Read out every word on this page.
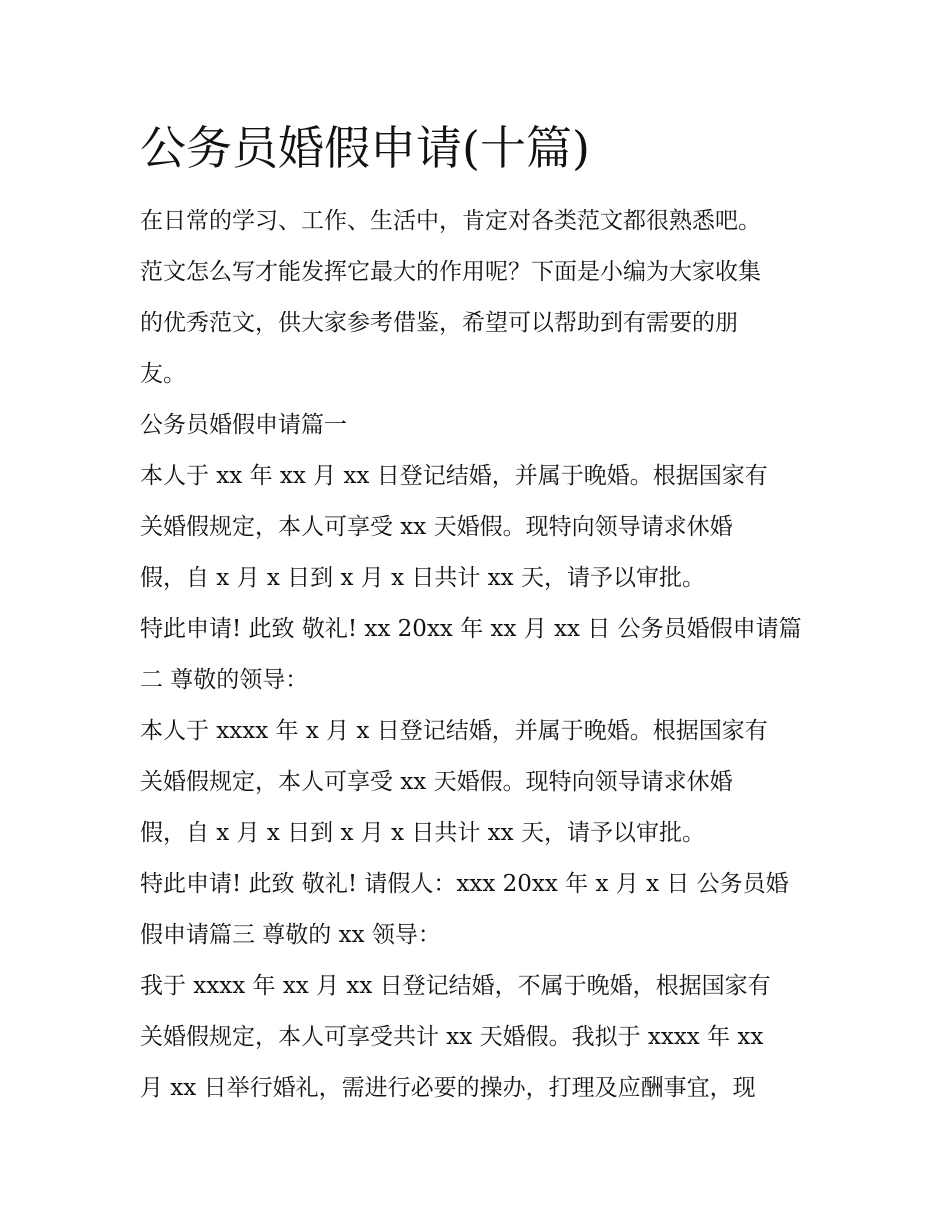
公务员婚假申请(十篇)
在日常的学习、工作、生活中，肯定对各类范文都很熟悉吧。
范文怎么写才能发挥它最大的作用呢？下面是小编为大家收集
的优秀范文，供大家参考借鉴，希望可以帮助到有需要的朋
友。
公务员婚假申请篇一
本人于 xx 年 xx 月 xx 日登记结婚，并属于晚婚。根据国家有
关婚假规定，本人可享受 xx 天婚假。现特向领导请求休婚
假，自 x 月 x 日到 x 月 x 日共计 xx 天，请予以审批。
特此申请! 此致 敬礼! xx 20xx 年 xx 月 xx 日 公务员婚假申请篇
二 尊敬的领导：
本人于 xxxx 年 x 月 x 日登记结婚，并属于晚婚。根据国家有
关婚假规定，本人可享受 xx 天婚假。现特向领导请求休婚
假，自 x 月 x 日到 x 月 x 日共计 xx 天，请予以审批。
特此申请! 此致 敬礼! 请假人：xxx 20xx 年 x 月 x 日 公务员婚
假申请篇三 尊敬的 xx 领导：
我于 xxxx 年 xx 月 xx 日登记结婚，不属于晚婚，根据国家有
关婚假规定，本人可享受共计 xx 天婚假。我拟于 xxxx 年 xx
月 xx 日举行婚礼，需进行必要的操办，打理及应酬事宜，现
